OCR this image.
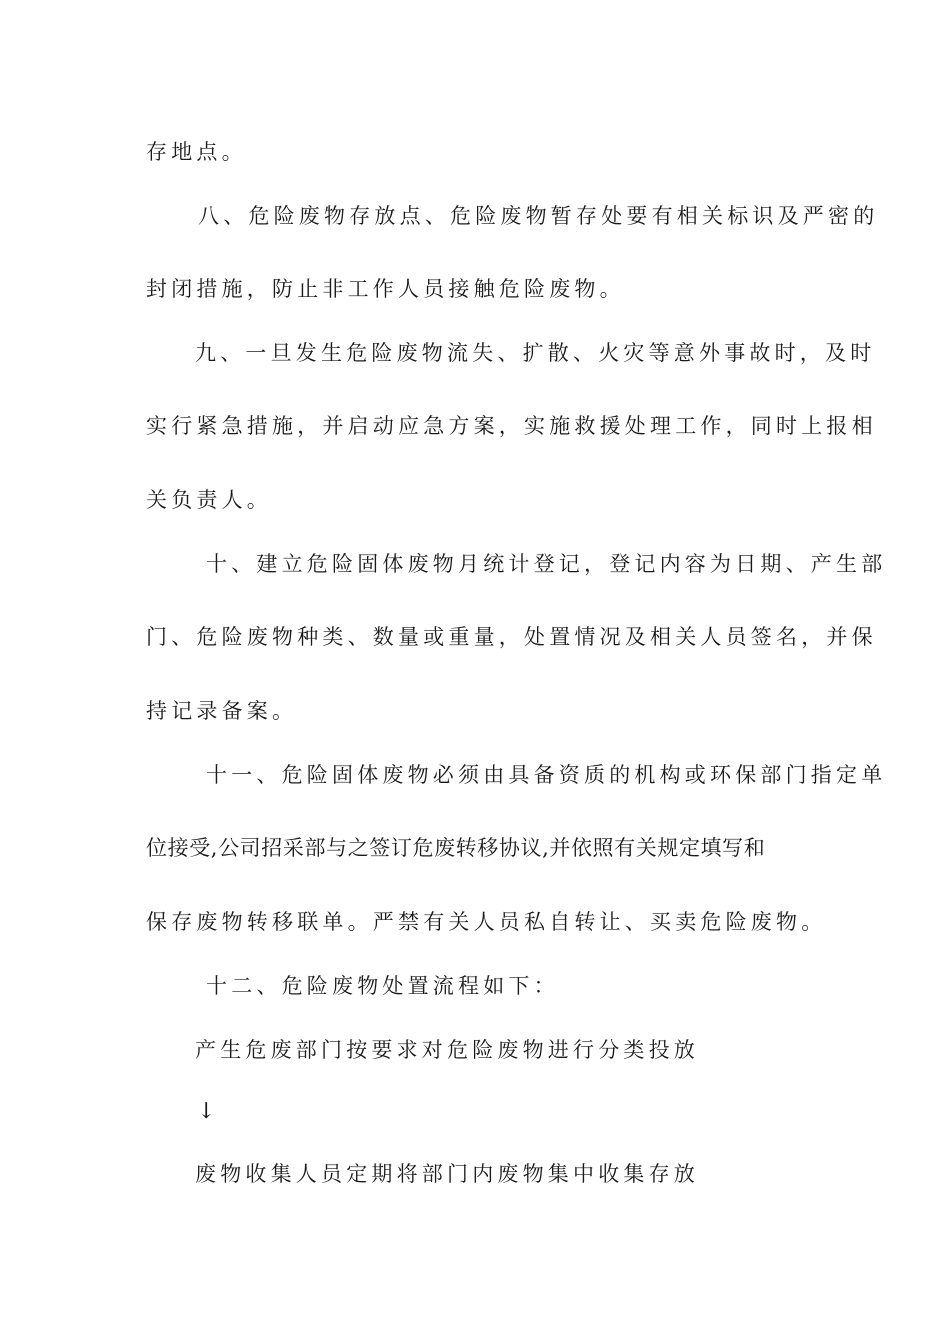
存地点。
八、危险废物存放点、危险废物暂存处要有相关标识及严密的
封闭措施，防止非工作人员接触危险废物。
九、一旦发生危险废物流失、扩散、火灾等意外事故时，及时
实行紧急措施，并启动应急方案，实施救援处理工作，同时上报相
关负责人。
十、建立危险固体废物月统计登记，登记内容为日期、产生部
门、危险废物种类、数量或重量，处置情况及相关人员签名，并保
持记录备案。
十一、危险固体废物必须由具备资质的机构或环保部门指定单
位接受,公司招采部与之签订危废转移协议,并依照有关规定填写和
保存废物转移联单。严禁有关人员私自转让、买卖危险废物。
十二、危险废物处置流程如下：
产生危废部门按要求对危险废物进行分类投放
↓
废物收集人员定期将部门内废物集中收集存放
